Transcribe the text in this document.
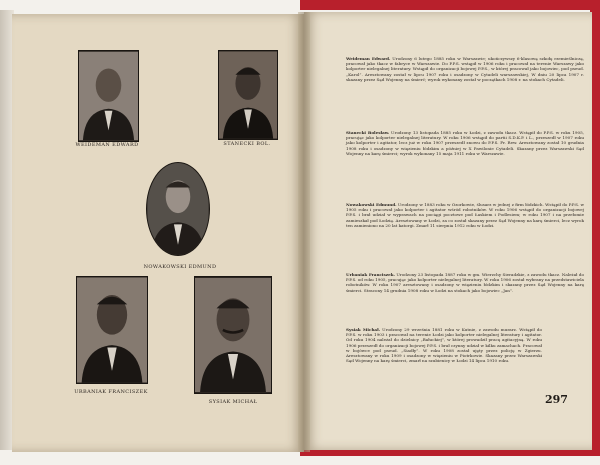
WEIDEMAN EDWARD	STANECKI BOL.
NOWAKOWSKI EDMUND
URBANIAK FRANCISZEK
SYSIAK MICHAŁ
Weideman Edward. Urodzony 6 lutego 1885 roku w Warszawie; ukończywszy 6-klasową szkołę rzemieślniczą, pracował jako tkacz w fabryce w Warszawie. Do P.P.S. wstąpił w 1906 roku i pracował na terenie Warszawy jako kolporter nielegalnej literatury. Wstąpił do organizacji bojowej P.P.S., w której pracował jako bojowiec, pod pseud. „Karol”. Aresztowany został w lipcu 1907 roku i osadzony w Cytadeli warszawskiej, W dniu 20 lipca 1907 r. skazany przez Sąd Wojenny na śmierć; wyrok wykonany został w początkach 1908 r. na stokach Cytadeli.
Stanecki Bolesław. Urodzony 13 listopada 1885 roku w Łodzi, z zawodu tkacz. Wstąpił do P.P.S. w roku 1905, pracując jako kolporter nielegalnej literatury. W roku 1906 wstąpił do partii S.D.K.P. i L., przeszedł w 1907 roku jako kolporter i agitator, lecz już w roku 1907 przeszedł znowu do P.P.S. Fr. Rew. Aresztowany został 10 grudnia 1908 roku i osadzony w więzieniu łódzkim a później w X Pawilonie Cytadeli. Skazany przez Warszawski Sąd Wojenny na karę śmierci; wyrok wykonany 15 maja 1911 roku w Warszawie.
Nowakowski Edmund. Urodzony w 1883 roku w Ozorkowie, ślusarz w jednej z firm łódzkich. Wstąpił do P.P.S. w 1905 roku i pracował jako kolporter i agitator wśród robotników. W roku 1906 wstąpił do organizacji bojowej P.P.S. i brał udział w wyprawach na pociągi pocztowe pod Łaskiem i Podlesiem; w roku 1907 i na przełomie zamieszkał pod Łodzią. Aresztowany w Łodzi, za co został skazany przez Sąd Wojenny na karę śmierci, lecz wyrok ten zamieniono na 20 lat katorgi. Zmarł 11 sierpnia 1912 roku w Łodzi.
Urbaniak Franciszek. Urodzony 23 listopada 1887 roku w gm. Wierzchy Sieradzkie, z zawodu tkacz. Należał do P.P.S. od roku 1905, pracując jako kolporter nielegalnej literatury. W roku 1906 został wybrany na przedstawiciela robotników. W roku 1907 aresztowany i osadzony w więzieniu łódzkim i skazany przez Sąd Wojenny na karę śmierci. Stracony 14 grudnia 1908 roku w Łodzi na stokach jako bojowiec „Jan”.
Sysiak Michał. Urodzony 29 września 1881 roku w Kutnie, z zawodu murarz. Wstąpił do P.P.S. w roku 1903 i pracował na terenie Łodzi jako kolporter nielegalnej literatury i agitator. Od roku 1904 należał do dzielnicy „Bałuckiej”, w której prowadził pracę agitacyjną. W roku 1906 przeszedł do organizacji bojowej P.P.S. i brał czynny udział w kilku zamachach. Pracował w bojówce pod pseud. „Siadły”. W roku 1908 został ujęty przez policję w Zgierzu. Aresztowany w roku 1909 i osadzony w więzieniu w Piotrkowie. Skazany przez Warszawski Sąd Wojenny na karę śmierci, zmarł na szubienicy w Łodzi 14 lipca 1910 roku.
297
